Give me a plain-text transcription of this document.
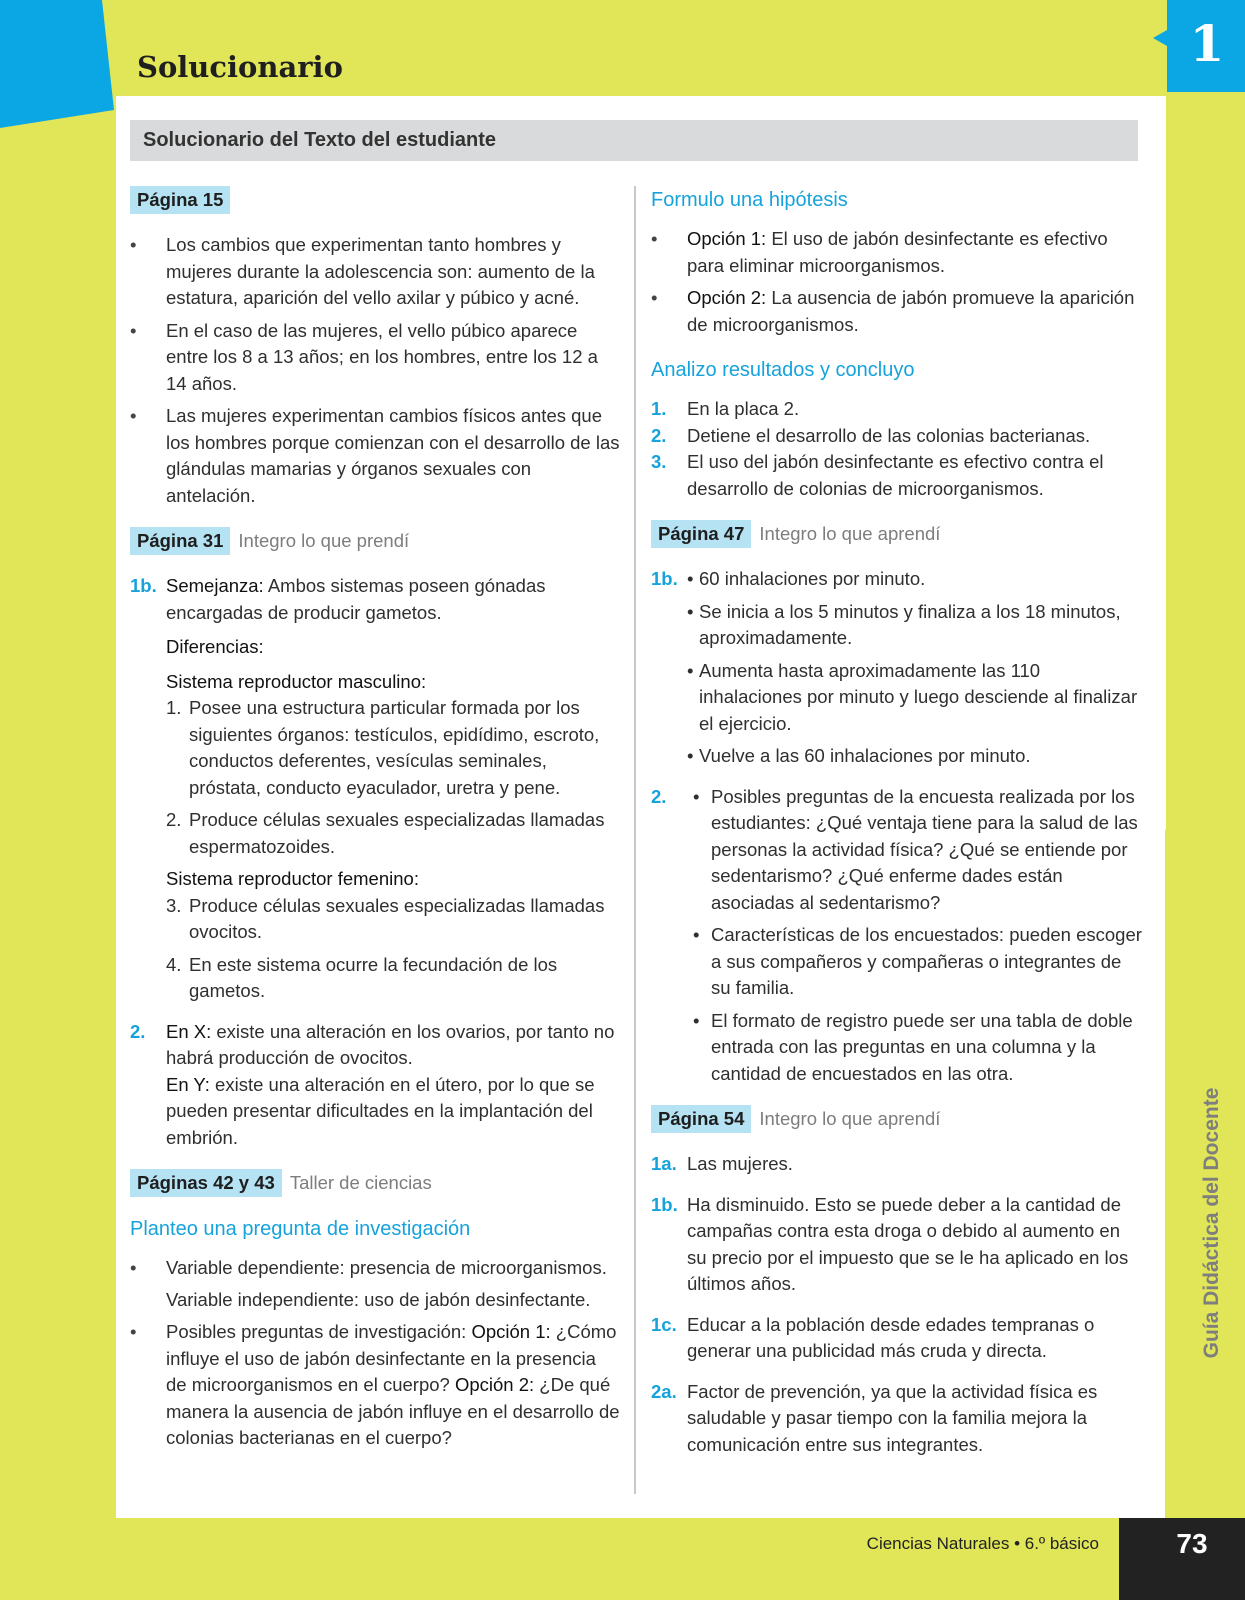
1
Solucionario
Guía Didáctica del Docente
Solucionario del Texto del estudiante
Página 15
• Los cambios que experimentan tanto hombres y mujeres durante la adolescencia son: aumento de la estatura, aparición del vello axilar y púbico y acné.
• En el caso de las mujeres, el vello púbico aparece entre los 8 a 13 años; en los hombres, entre los 12 a 14 años.
• Las mujeres experimentan cambios físicos antes que los hombres porque comienzan con el desarrollo de las glándulas mamarias y órganos sexuales con antelación.
Página 31 Integro lo que prendí
1b. Semejanza: Ambos sistemas poseen gónadas encargadas de producir gametos.
Diferencias:
Sistema reproductor masculino:
1. Posee una estructura particular formada por los siguientes órganos: testículos, epidídimo, escroto, conductos deferentes, vesículas seminales, próstata, conducto eyaculador, uretra y pene.
2. Produce células sexuales especializadas llamadas espermatozoides.
Sistema reproductor femenino:
3. Produce células sexuales especializadas llamadas ovocitos.
4. En este sistema ocurre la fecundación de los gametos.
2. En X: existe una alteración en los ovarios, por tanto no habrá producción de ovocitos.
En Y: existe una alteración en el útero, por lo que se pueden presentar dificultades en la implantación del embrión.
Páginas 42 y 43 Taller de ciencias
Planteo una pregunta de investigación
• Variable dependiente: presencia de microorganismos.
Variable independiente: uso de jabón desinfectante.
• Posibles preguntas de investigación: Opción 1: ¿Cómo influye el uso de jabón desinfectante en la presencia de microorganismos en el cuerpo? Opción 2: ¿De qué manera la ausencia de jabón influye en el desarrollo de colonias bacterianas en el cuerpo?
Formulo una hipótesis
• Opción 1: El uso de jabón desinfectante es efectivo para eliminar microorganismos.
• Opción 2: La ausencia de jabón promueve la aparición de microorganismos.
Analizo resultados y concluyo
1. En la placa 2.
2. Detiene el desarrollo de las colonias bacterianas.
3. El uso del jabón desinfectante es efectivo contra el desarrollo de colonias de microorganismos.
Página 47 Integro lo que aprendí
1b.	• 60 inhalaciones por minuto.
• Se inicia a los 5 minutos y finaliza a los 18 minutos, aproximadamente.
• Aumenta hasta aproximadamente las 110 inhalaciones por minuto y luego desciende al finalizar el ejercicio.
• Vuelve a las 60 inhalaciones por minuto.
2.	• Posibles preguntas de la encuesta realizada por los estudiantes: ¿Qué ventaja tiene para la salud de las personas la actividad física? ¿Qué se entiende por sedentarismo? ¿Qué enferme dades están asociadas al sedentarismo?
• Características de los encuestados: pueden escoger a sus compañeros y compañeras o integrantes de su familia.
• El formato de registro puede ser una tabla de doble entrada con las preguntas en una columna y la cantidad de encuestados en las otra.
Página 54 Integro lo que aprendí
1a. Las mujeres.
1b. Ha disminuido. Esto se puede deber a la cantidad de campañas contra esta droga o debido al aumento en su precio por el impuesto que se le ha aplicado en los últimos años.
1c. Educar a la población desde edades tempranas o generar una publicidad más cruda y directa.
2a. Factor de prevención, ya que la actividad física es saludable y pasar tiempo con la familia mejora la comunicación entre sus integrantes.
Ciencias Naturales • 6.º básico	73
